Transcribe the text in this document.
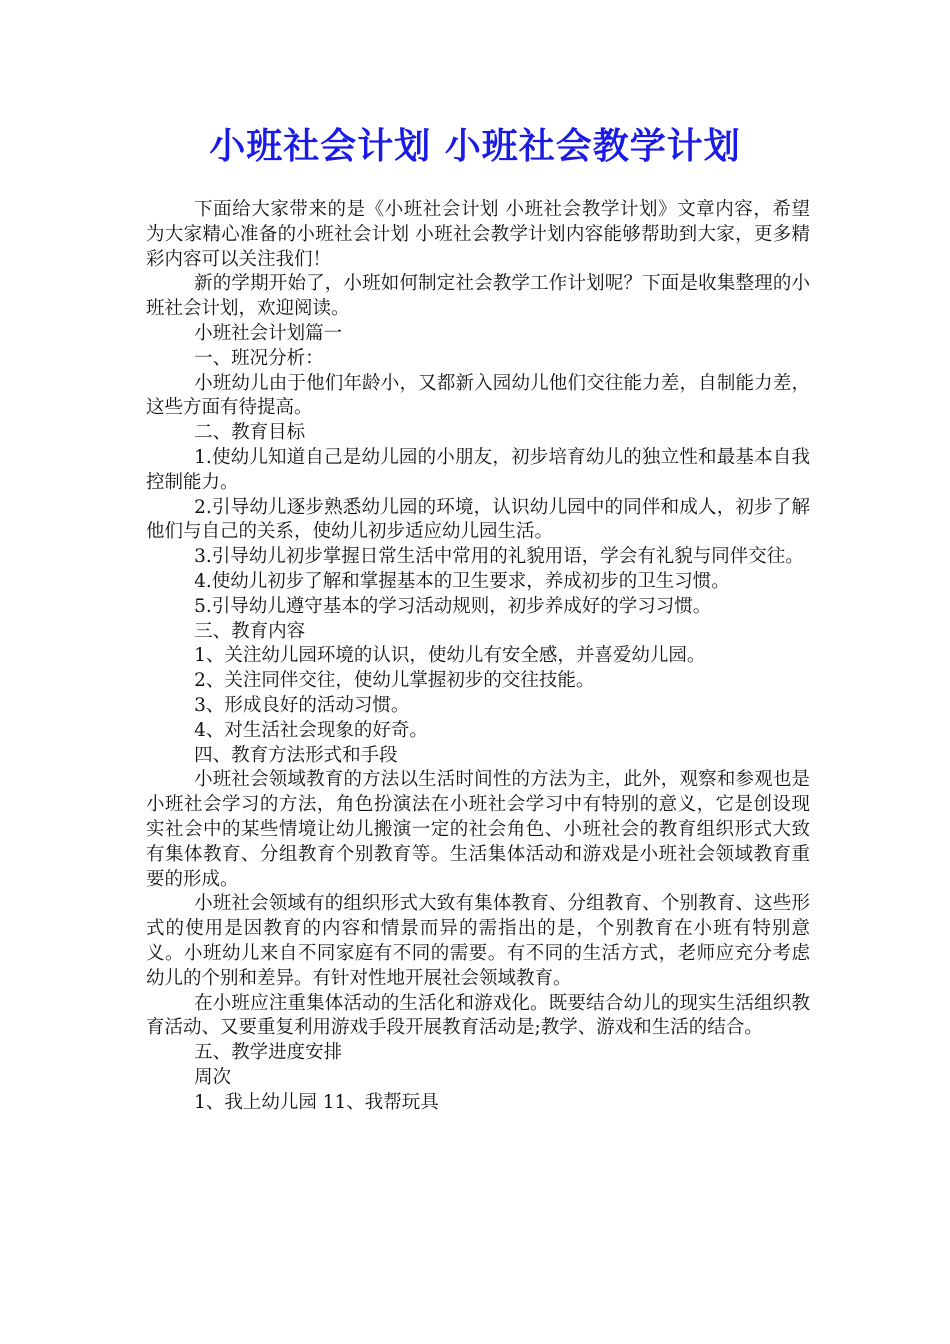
小班社会计划 小班社会教学计划

下面给大家带来的是《小班社会计划 小班社会教学计划》文章内容，希望为大家精心准备的小班社会计划 小班社会教学计划内容能够帮助到大家，更多精彩内容可以关注我们！

新的学期开始了，小班如何制定社会教学工作计划呢？下面是收集整理的小班社会计划，欢迎阅读。

小班社会计划篇一

一、班况分析：

小班幼儿由于他们年龄小，又都新入园幼儿他们交往能力差，自制能力差，这些方面有待提高。

二、教育目标

1.使幼儿知道自己是幼儿园的小朋友，初步培育幼儿的独立性和最基本自我控制能力。

2.引导幼儿逐步熟悉幼儿园的环境，认识幼儿园中的同伴和成人，初步了解他们与自己的关系，使幼儿初步适应幼儿园生活。

3.引导幼儿初步掌握日常生活中常用的礼貌用语，学会有礼貌与同伴交往。

4.使幼儿初步了解和掌握基本的卫生要求，养成初步的卫生习惯。

5.引导幼儿遵守基本的学习活动规则，初步养成好的学习习惯。

三、教育内容

1、关注幼儿园环境的认识，使幼儿有安全感，并喜爱幼儿园。

2、关注同伴交往，使幼儿掌握初步的交往技能。

3、形成良好的活动习惯。

4、对生活社会现象的好奇。

四、教育方法形式和手段

小班社会领域教育的方法以生活时间性的方法为主，此外，观察和参观也是小班社会学习的方法，角色扮演法在小班社会学习中有特别的意义，它是创设现实社会中的某些情境让幼儿搬演一定的社会角色、小班社会的教育组织形式大致有集体教育、分组教育个别教育等。生活集体活动和游戏是小班社会领域教育重要的形成。

小班社会领域有的组织形式大致有集体教育、分组教育、个别教育、这些形式的使用是因教育的内容和情景而异的需指出的是，个别教育在小班有特别意义。小班幼儿来自不同家庭有不同的需要。有不同的生活方式，老师应充分考虑幼儿的个别和差异。有针对性地开展社会领域教育。

在小班应注重集体活动的生活化和游戏化。既要结合幼儿的现实生活组织教育活动、又要重复利用游戏手段开展教育活动是;教学、游戏和生活的结合。

五、教学进度安排

周次

1、我上幼儿园 11、我帮玩具
